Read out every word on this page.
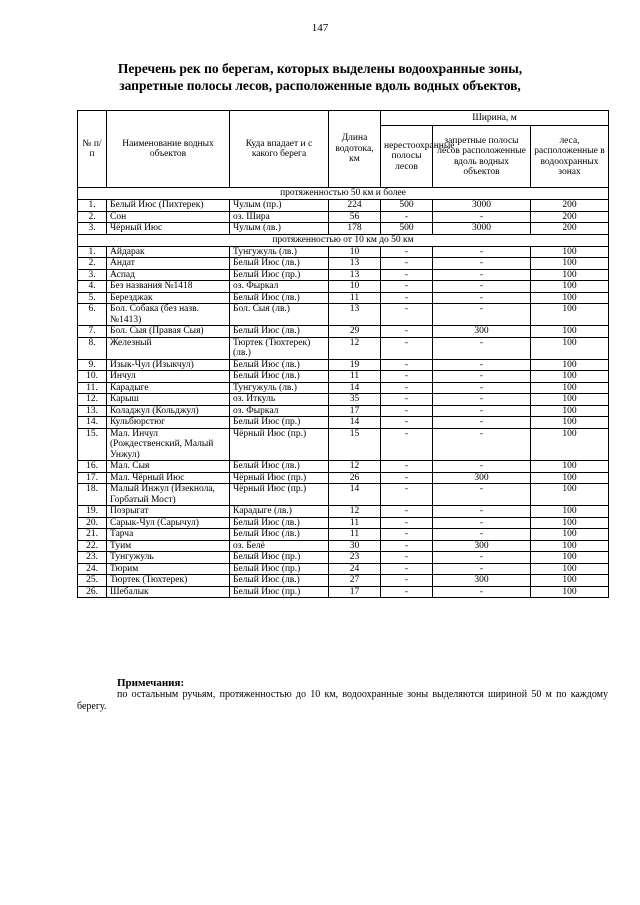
147
Перечень рек по берегам, которых выделены водоохранные зоны,
запретные полосы лесов, расположенные вдоль водных объектов,
№ п/п	Наименование водных объектов	Куда впадает и с какого берега	Длина водотока, км	Ширина, м		
				нерестоохранные полосы лесов	запретные полосы лесов расположенные вдоль водных объектов	леса, расположенные в водоохранных зонах
протяженностью 50 км и более						
1.	Белый Июс (Пихтерек)	Чулым (пр.)	224	500	3000	200
2.	Сон	оз. Шира	56	-	-	200
3.	Чёрный Июс	Чулым (лв.)	178	500	3000	200
протяженностью от 10 км до 50 км						
1.	Айдарак	Тунгужуль (лв.)	10	-	-	100
2.	Андат	Белый Июс (лв.)	13	-	-	100
3.	Аспад	Белый Июс (пр.)	13	-	-	100
4.	Без названия №1418	оз. Фыркал	10	-	-	100
5.	Березджак	Белый Июс (лв.)	11	-	-	100
6.	Бол. Собака (без назв. №1413)	Бол. Сыя (лв.)	13	-	-	100
7.	Бол. Сыя (Правая Сыя)	Белый Июс (лв.)	29	-	300	100
8.	Железный	Тюртек (Тюхтерек) (лв.)	12	-	-	100
9.	Изык-Чул (Изыкчул)	Белый Июс (лв.)	19	-	-	100
10.	Инчул	Белый Июс (лв.)	11	-	-	100
11.	Карадыге	Тунгужуль (лв.)	14	-	-	100
12.	Карыш	оз. Иткуль	35	-	-	100
13.	Коладжул (Кольджул)	оз. Фыркал	17	-	-	100
14.	Кульбюрстюг	Белый Июс (пр.)	14	-	-	100
15.	Мал. Инчул (Рождественский, Малый Унжул)	Чёрный Июс (пр.)	15	-	-	100
16.	Мал. Сыя	Белый Июс (лв.)	12	-	-	100
17.	Мал. Чёрный Июс	Чёрный Июс (пр.)	26	-	300	100
18.	Малый Инжул (Изекнола, Горбатый Мост)	Чёрный Июс (пр.)	14	-	-	100
19.	Позрыгат	Карадыге (лв.)	12	-	-	100
20.	Сарык-Чул (Сарычул)	Белый Июс (лв.)	11	-	-	100
21.	Тарча	Белый Июс (лв.)	11	-	-	100
22.	Туим	оз. Белё	30	-	300	100
23.	Тунгужуль	Белый Июс (пр.)	23	-	-	100
24.	Тюрим	Белый Июс (пр.)	24	-	-	100
25.	Тюртек (Тюхтерек)	Белый Июс (лв.)	27	-	300	100
26.	Шебалык	Белый Июс (пр.)	17	-	-	100
Примечания:
по остальным ручьям, протяженностью до 10 км, водоохранные зоны выделяются шириной 50 м по каждому берегу.
